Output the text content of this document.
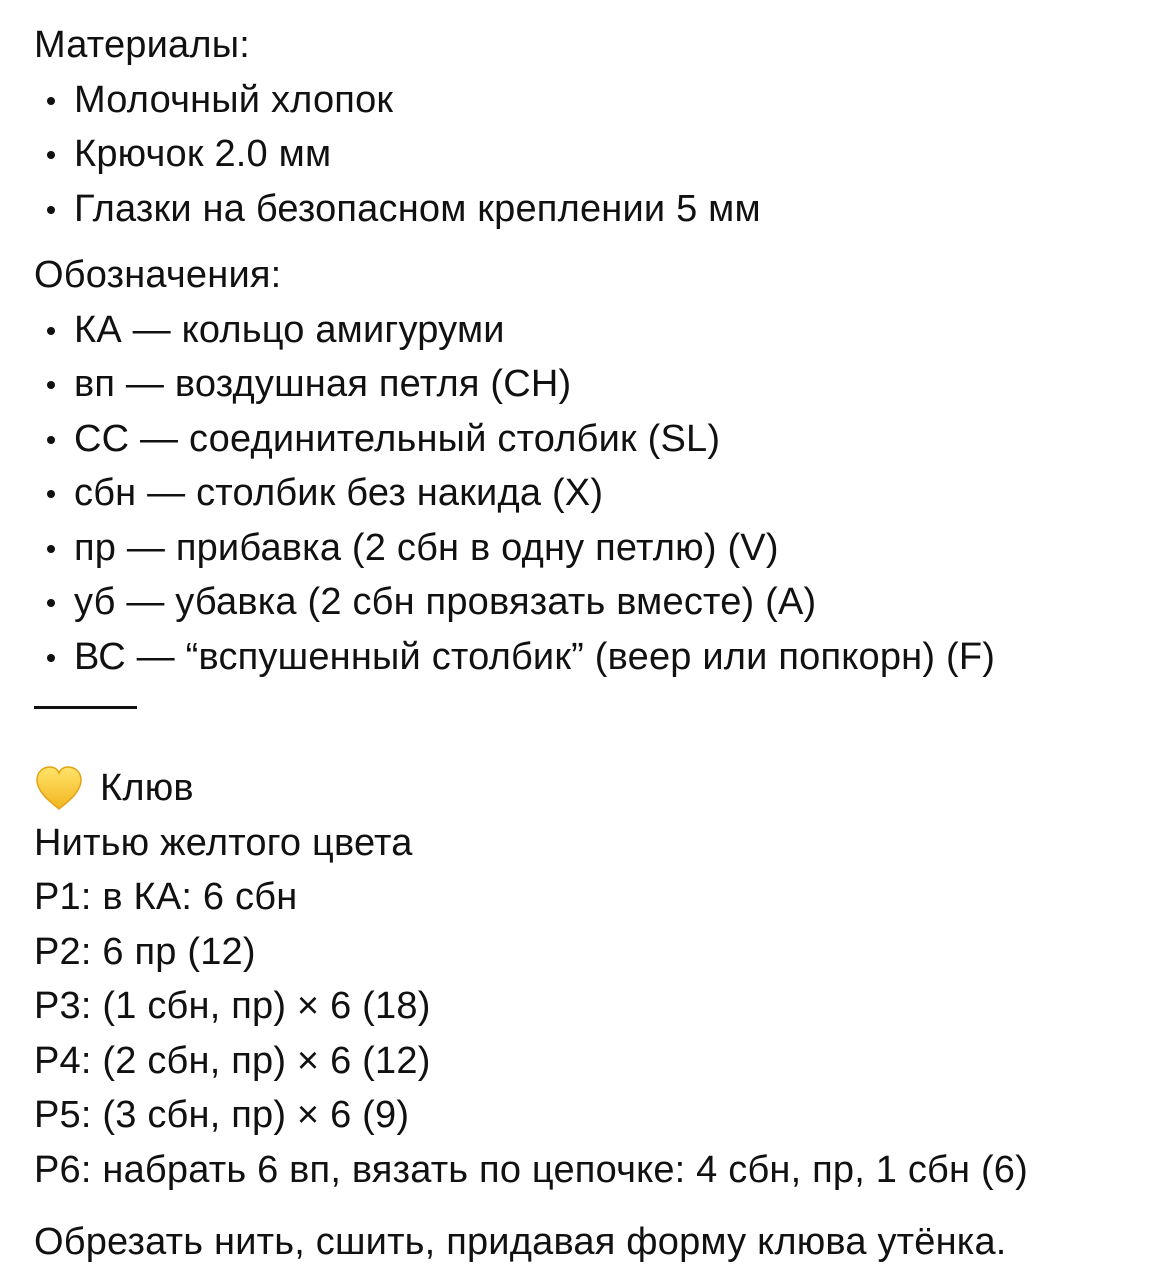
Материалы:
Молочный хлопок
Крючок 2.0 мм
Глазки на безопасном креплении 5 мм
Обозначения:
КА — кольцо амигуруми
вп — воздушная петля (CH)
СС — соединительный столбик (SL)
сбн — столбик без накида (X)
пр — прибавка (2 сбн в одну петлю) (V)
уб — убавка (2 сбн провязать вместе) (A)
ВС — “вспушенный столбик” (веер или попкорн) (F)
Клюв
Нитью желтого цвета
Р1: в КА: 6 сбн
Р2: 6 пр (12)
Р3: (1 сбн, пр) × 6 (18)
Р4: (2 сбн, пр) × 6 (12)
Р5: (3 сбн, пр) × 6 (9)
Р6: набрать 6 вп, вязать по цепочке: 4 сбн, пр, 1 сбн (6)
Обрезать нить, сшить, придавая форму клюва утёнка.
